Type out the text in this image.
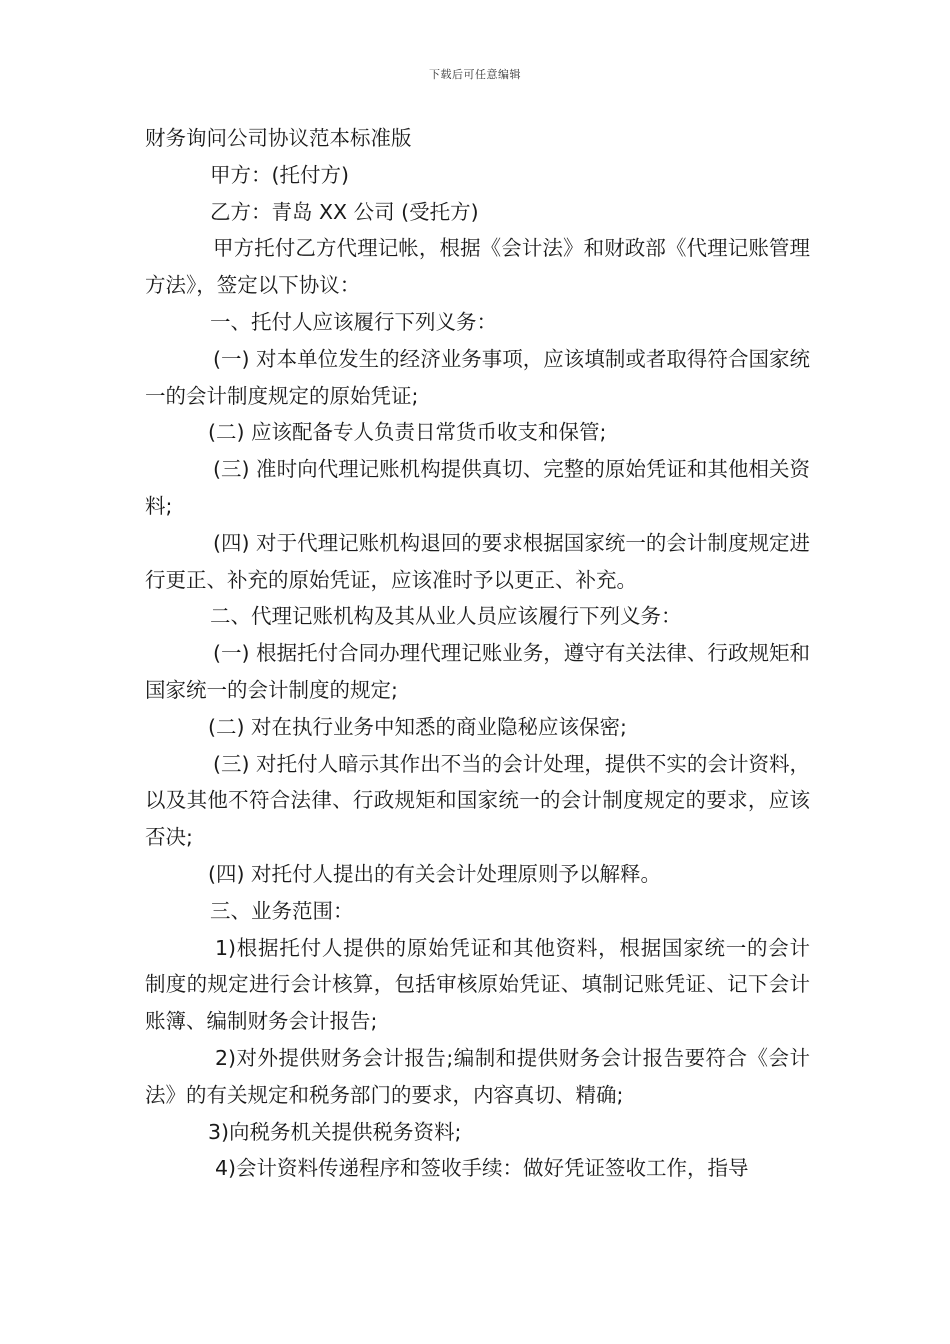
下载后可任意编辑

财务询问公司协议范本标准版

甲方：(托付方)

乙方：青岛 XX 公司 (受托方)

甲方托付乙方代理记帐，根据《会计法》和财政部《代理记账管理方法》，签定以下协议：

一、托付人应该履行下列义务：

(一) 对本单位发生的经济业务事项，应该填制或者取得符合国家统一的会计制度规定的原始凭证;

(二) 应该配备专人负责日常货币收支和保管;

(三) 准时向代理记账机构提供真切、完整的原始凭证和其他相关资料;

(四) 对于代理记账机构退回的要求根据国家统一的会计制度规定进行更正、补充的原始凭证，应该准时予以更正、补充。

二、代理记账机构及其从业人员应该履行下列义务：

(一) 根据托付合同办理代理记账业务，遵守有关法律、行政规矩和国家统一的会计制度的规定;

(二) 对在执行业务中知悉的商业隐秘应该保密;

(三) 对托付人暗示其作出不当的会计处理，提供不实的会计资料，以及其他不符合法律、行政规矩和国家统一的会计制度规定的要求，应该否决;

(四) 对托付人提出的有关会计处理原则予以解释。

三、业务范围：

1)根据托付人提供的原始凭证和其他资料，根据国家统一的会计制度的规定进行会计核算，包括审核原始凭证、填制记账凭证、记下会计账簿、编制财务会计报告;

2)对外提供财务会计报告;编制和提供财务会计报告要符合《会计法》的有关规定和税务部门的要求，内容真切、精确;

3)向税务机关提供税务资料;

4)会计资料传递程序和签收手续：做好凭证签收工作，指导
